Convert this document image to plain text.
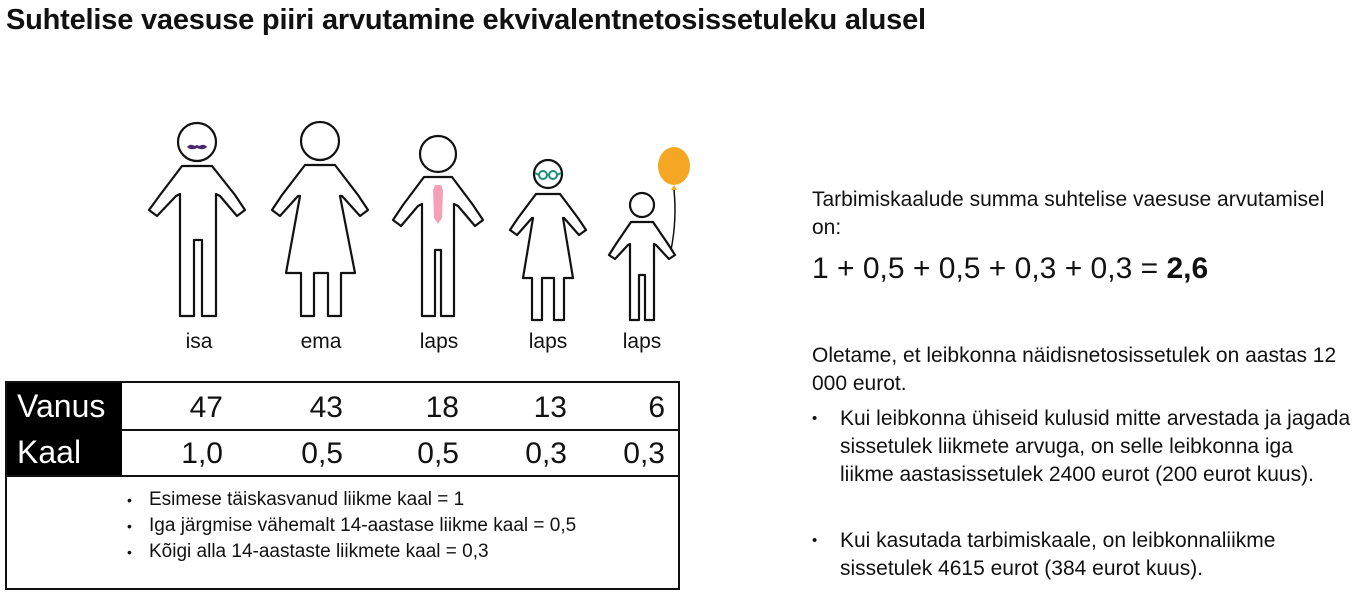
Suhtelise vaesuse piiri arvutamine ekvivalentnetosissetuleku alusel
isa	ema	laps	laps	laps
Vanus	47	43	18	13	6
Kaal	1,0	0,5	0,5	0,3	0,3
• Esimese täiskasvanud liikme kaal = 1
• Iga järgmise vähemalt 14-aastase liikme kaal = 0,5
• Kõigi alla 14-aastaste liikmete kaal = 0,3
Tarbimiskaalude summa suhtelise vaesuse arvutamisel on:
1 + 0,5 + 0,5 + 0,3 + 0,3 = 2,6
Oletame, et leibkonna näidisnetosissetulek on aastas 12 000 eurot.
• Kui leibkonna ühiseid kulusid mitte arvestada ja jagada sissetulek liikmete arvuga, on selle leibkonna iga liikme aastasissetulek 2400 eurot (200 eurot kuus).
• Kui kasutada tarbimiskaale, on leibkonnaliikme sissetulek 4615 eurot (384 eurot kuus).
